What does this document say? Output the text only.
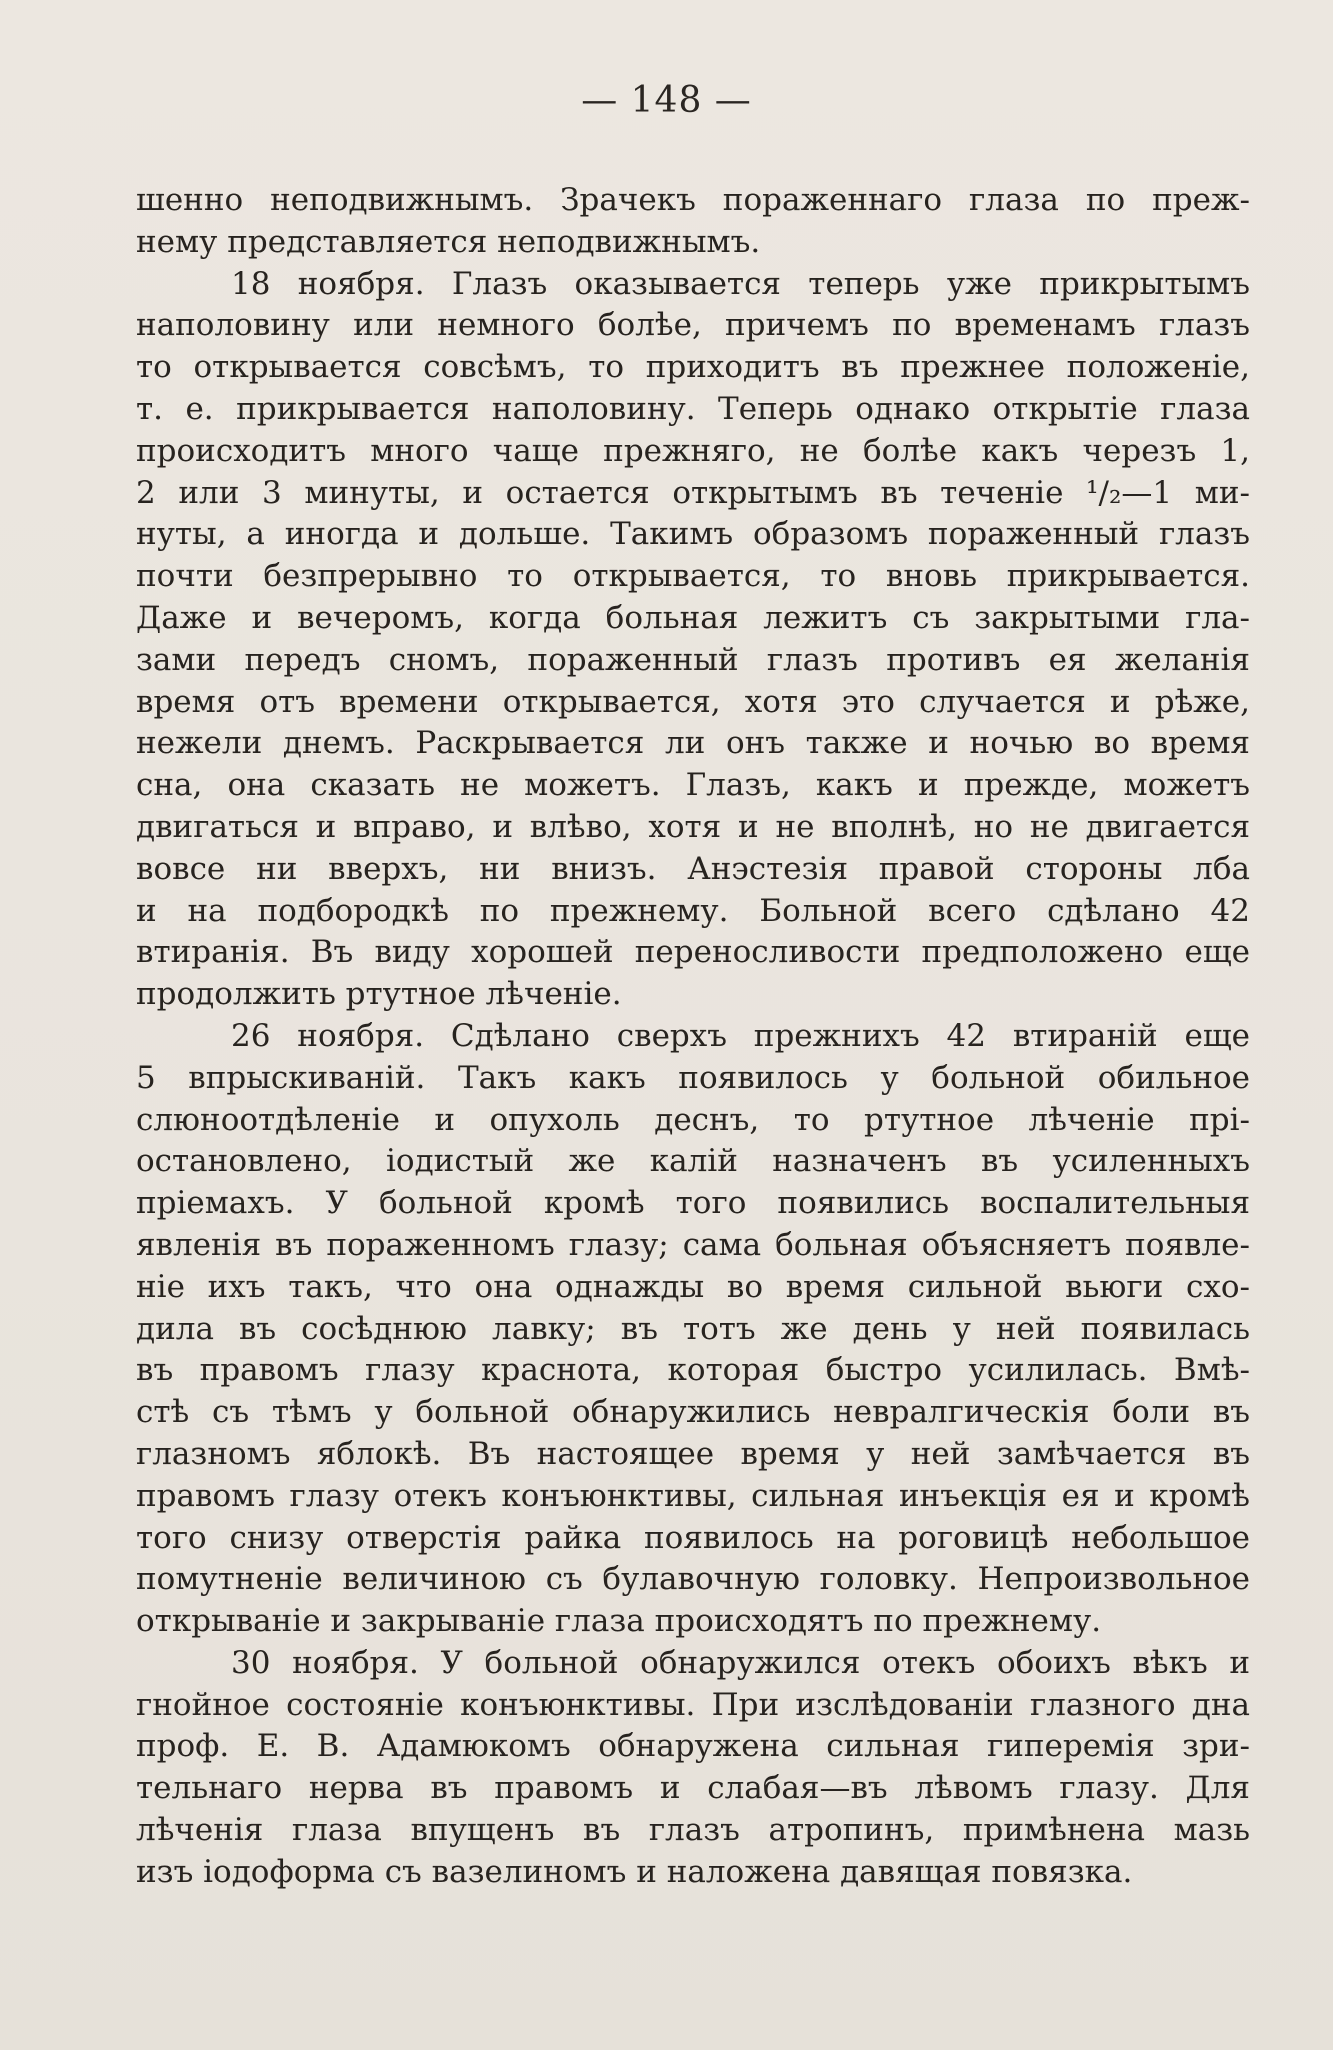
— 148 —
шенно неподвижнымъ. Зрачекъ пораженнаго глаза по преж-
нему представляется неподвижнымъ.
18 ноября. Глазъ оказывается теперь уже прикрытымъ
наполовину или немного болѣе, причемъ по временамъ глазъ
то открывается совсѣмъ, то приходитъ въ прежнее положеніе,
т. е. прикрывается наполовину. Теперь однако открытіе глаза
происходитъ много чаще прежняго, не болѣе какъ черезъ 1,
2 или 3 минуты, и остается открытымъ въ теченіе ¹/₂—1 ми-
нуты, а иногда и дольше. Такимъ образомъ пораженный глазъ
почти безпрерывно то открывается, то вновь прикрывается.
Даже и вечеромъ, когда больная лежитъ съ закрытыми гла-
зами передъ сномъ, пораженный глазъ противъ ея желанія
время отъ времени открывается, хотя это случается и рѣже,
нежели днемъ. Раскрывается ли онъ также и ночью во время
сна, она сказать не можетъ. Глазъ, какъ и прежде, можетъ
двигаться и вправо, и влѣво, хотя и не вполнѣ, но не двигается
вовсе ни вверхъ, ни внизъ. Анэстезія правой стороны лба
и на подбородкѣ по прежнему. Больной всего сдѣлано 42
втиранія. Въ виду хорошей переносливости предположено еще
продолжить ртутное лѣченіе.
26 ноября. Сдѣлано сверхъ прежнихъ 42 втираній еще
5 впрыскиваній. Такъ какъ появилось у больной обильное
слюноотдѣленіе и опухоль деснъ, то ртутное лѣченіе прі-
остановлено, іодистый же калій назначенъ въ усиленныхъ
пріемахъ. У больной кромѣ того появились воспалительныя
явленія въ пораженномъ глазу; сама больная объясняетъ появле-
ніе ихъ такъ, что она однажды во время сильной вьюги схо-
дила въ сосѣднюю лавку; въ тотъ же день у ней появилась
въ правомъ глазу краснота, которая быстро усилилась. Вмѣ-
стѣ съ тѣмъ у больной обнаружились невралгическія боли въ
глазномъ яблокѣ. Въ настоящее время у ней замѣчается въ
правомъ глазу отекъ конъюнктивы, сильная инъекція ея и кромѣ
того снизу отверстія райка появилось на роговицѣ небольшое
помутненіе величиною съ булавочную головку. Непроизвольное
открываніе и закрываніе глаза происходятъ по прежнему.
30 ноября. У больной обнаружился отекъ обоихъ вѣкъ и
гнойное состояніе конъюнктивы. При изслѣдованіи глазного дна
проф. Е. В. Адамюкомъ обнаружена сильная гиперемія зри-
тельнаго нерва въ правомъ и слабая—въ лѣвомъ глазу. Для
лѣченія глаза впущенъ въ глазъ атропинъ, примѣнена мазь
изъ іодоформа съ вазелиномъ и наложена давящая повязка.
